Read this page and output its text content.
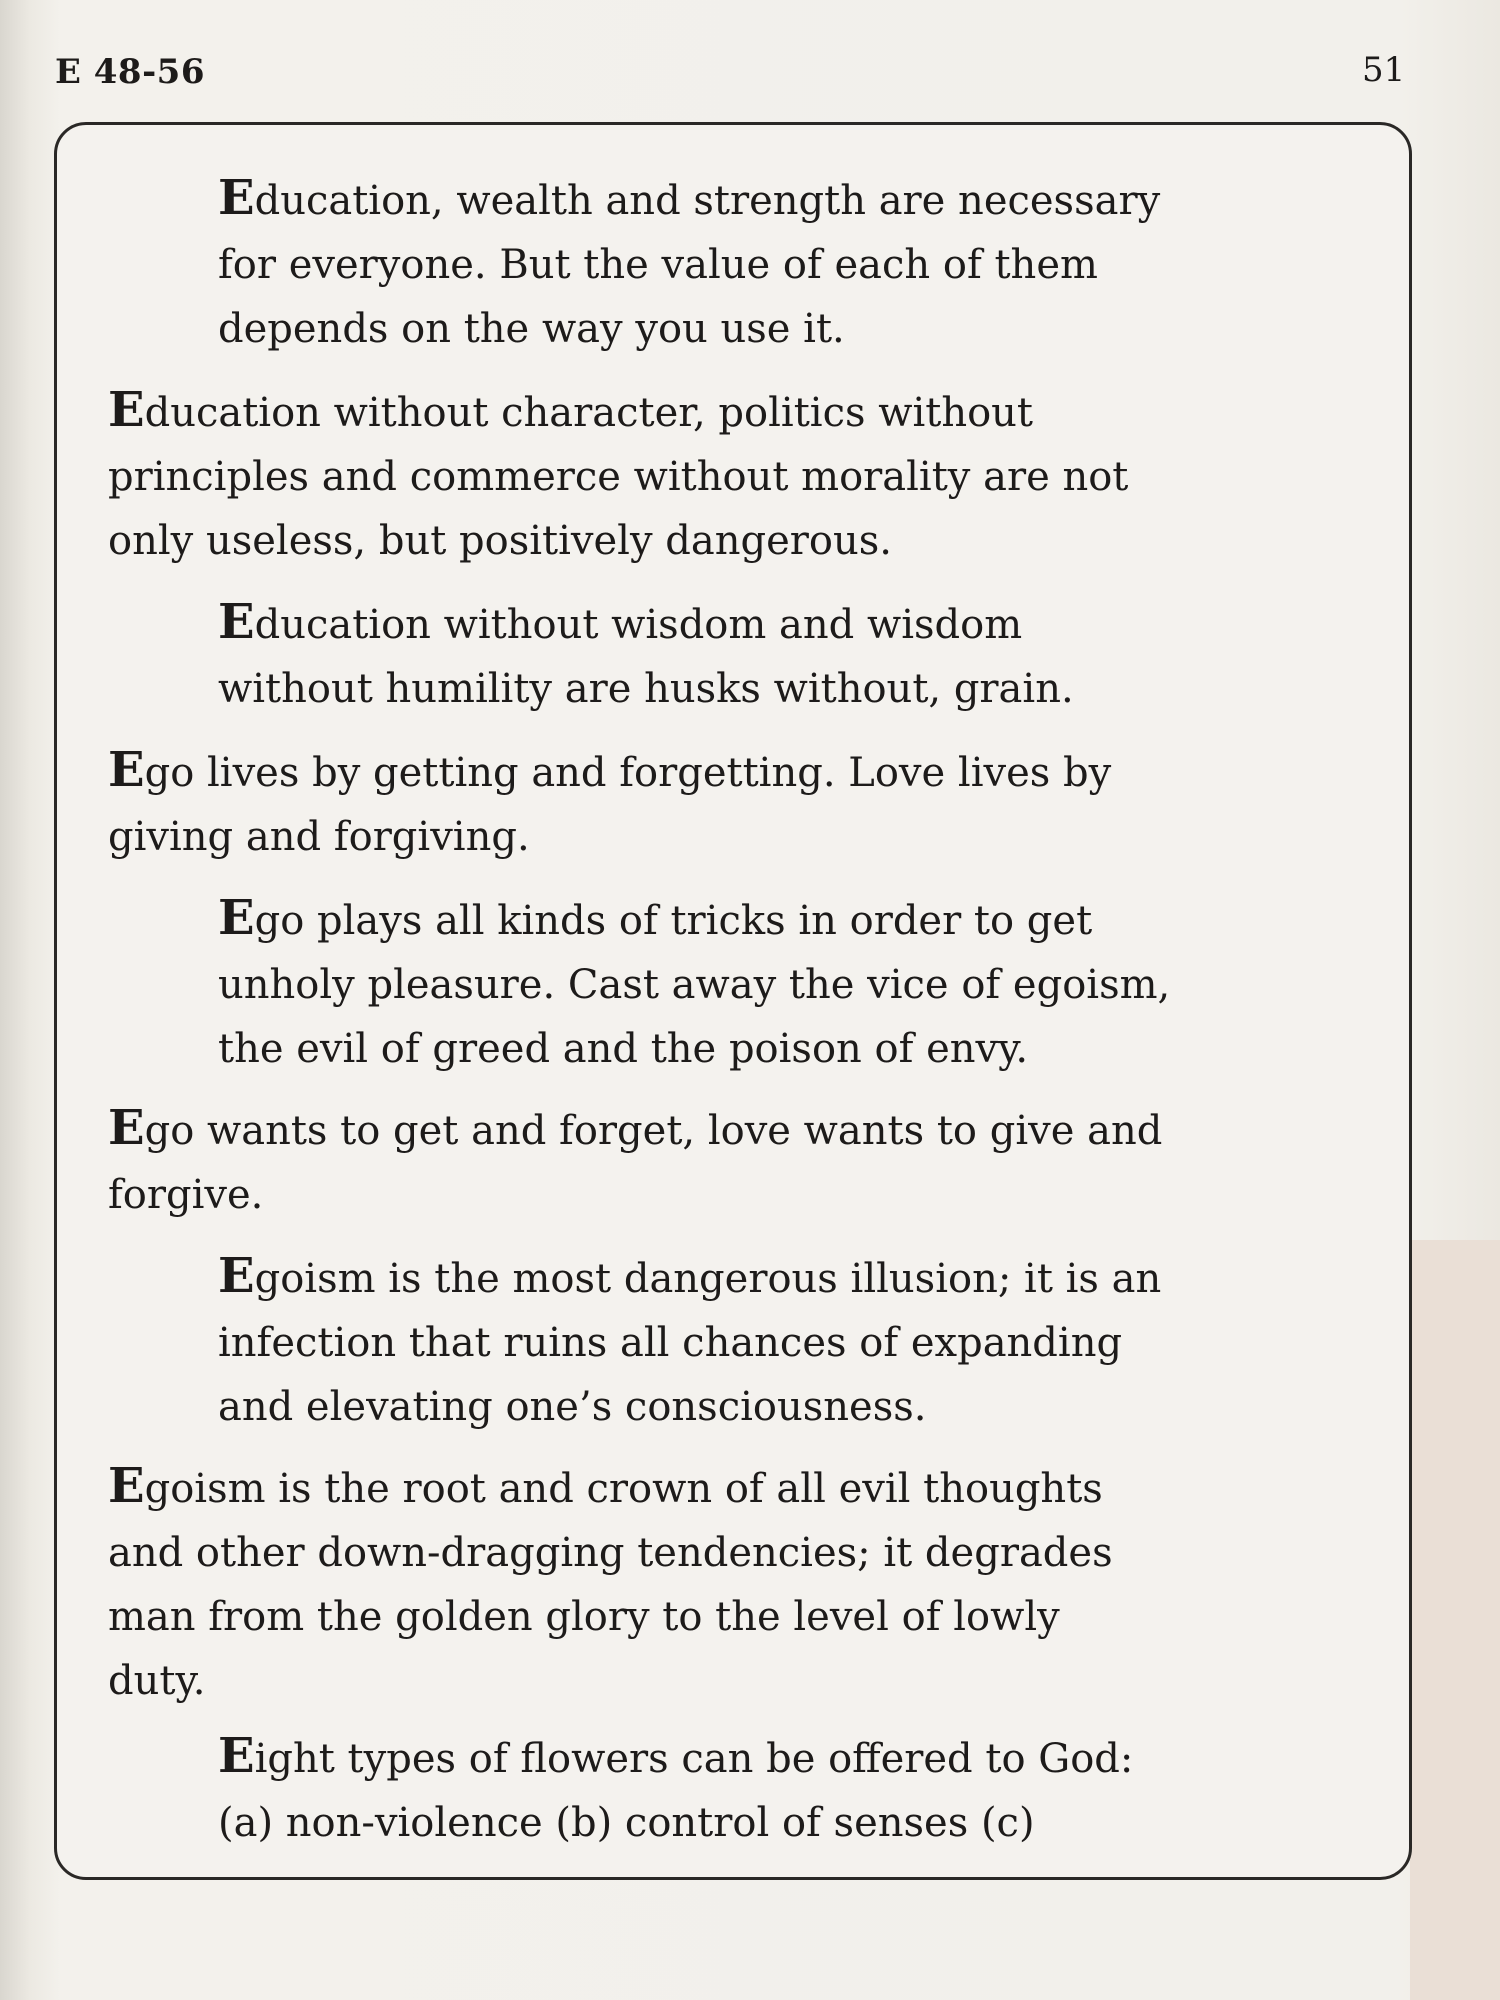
E 48-56	51

Education, wealth and strength are necessary
for everyone. But the value of each of them
depends on the way you use it.

Education without character, politics without
principles and commerce without morality are not
only useless, but positively dangerous.

Education without wisdom and wisdom
without humility are husks without, grain.

Ego lives by getting and forgetting. Love lives by
giving and forgiving.

Ego plays all kinds of tricks in order to get
unholy pleasure. Cast away the vice of egoism,
the evil of greed and the poison of envy.

Ego wants to get and forget, love wants to give and
forgive.

Egoism is the most dangerous illusion; it is an
infection that ruins all chances of expanding
and elevating one’s consciousness.

Egoism is the root and crown of all evil thoughts
and other down-dragging tendencies; it degrades
man from the golden glory to the level of lowly
duty.

Eight types of flowers can be offered to God:
(a) non-violence (b) control of senses (c)
